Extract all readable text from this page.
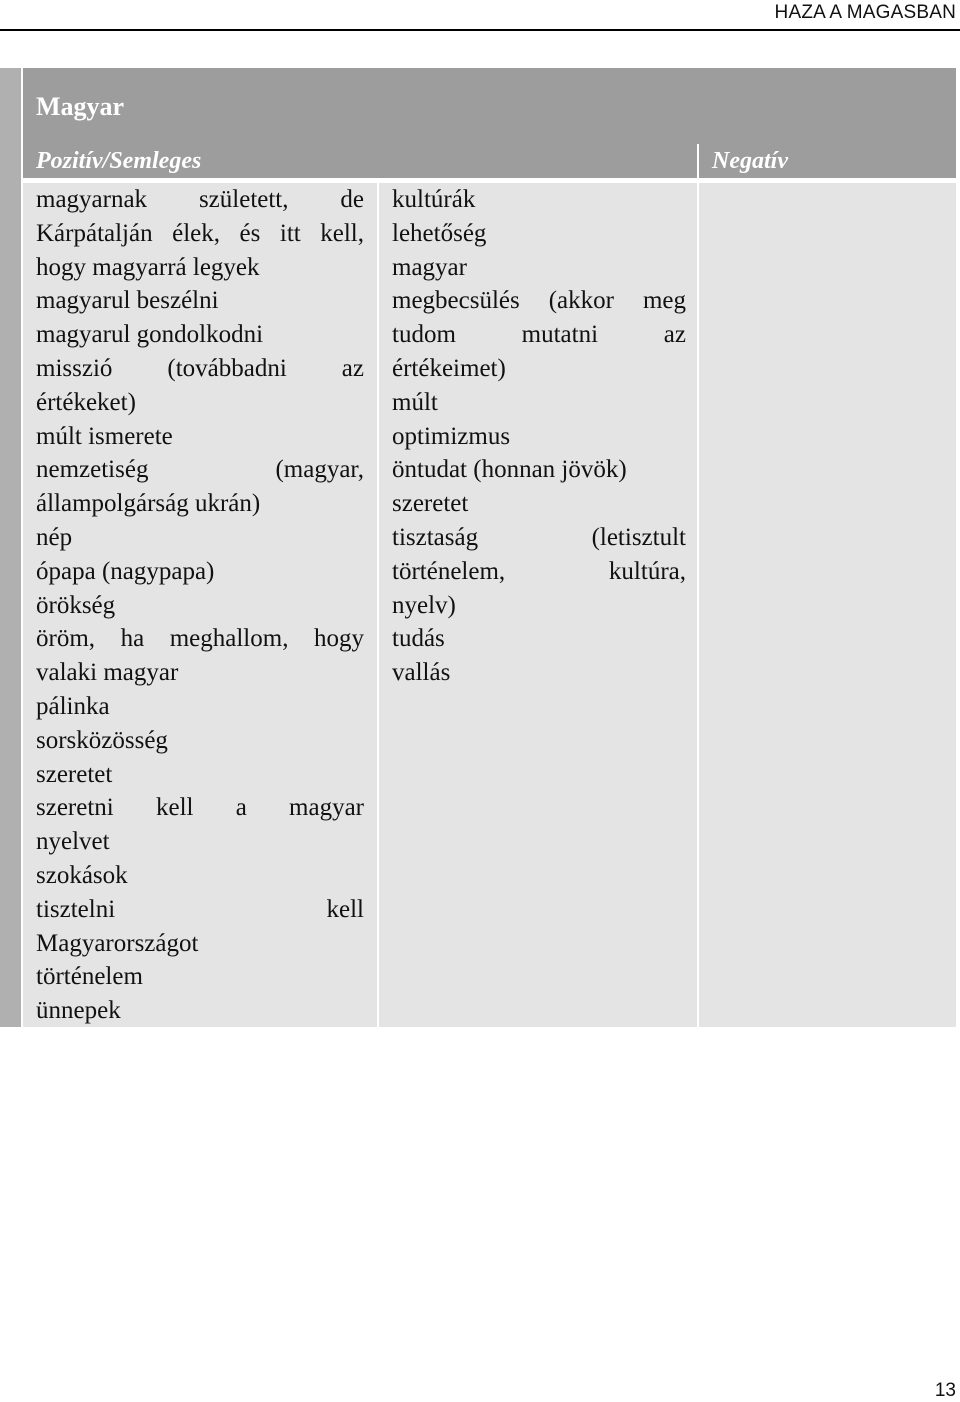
HAZA A MAGASBAN
Magyar
Pozitív/Semleges	Negatív
magyarnak született, de
Kárpátalján élek, és itt kell,
hogy magyarrá legyek
magyarul beszélni
magyarul gondolkodni
misszió (továbbadni az
értékeket)
múlt ismerete
nemzetiség (magyar,
állampolgárság ukrán)
nép
ópapa (nagypapa)
örökség
öröm, ha meghallom, hogy
valaki magyar
pálinka
sorsközösség
szeretet
szeretni kell a magyar
nyelvet
szokások
tisztelni kell
Magyarországot
történelem
ünnepek
kultúrák
lehetőség
magyar
megbecsülés (akkor meg
tudom mutatni az
értékeimet)
múlt
optimizmus
öntudat (honnan jövök)
szeretet
tisztaság (letisztult
történelem, kultúra,
nyelv)
tudás
vallás
13
